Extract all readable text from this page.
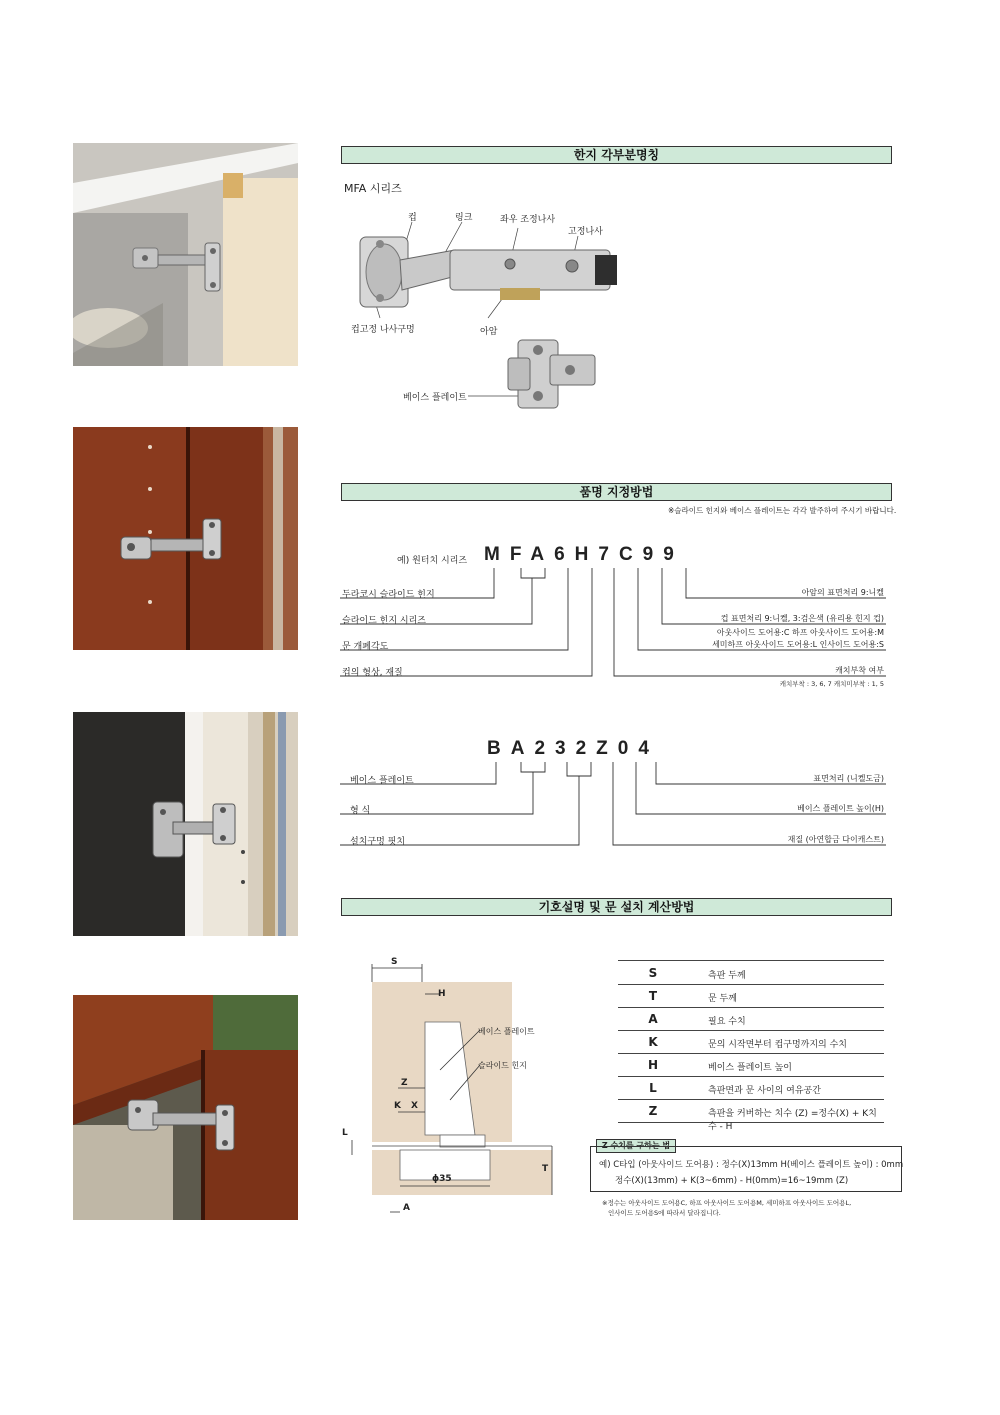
한지 각부분명칭
MFA 시리즈
컵	링크	좌우 조정나사
고정나사
컵고정 나사구멍	아암
베이스 플레이트
품명 지정방법
※슬라이드 힌지와 베이스 플레이트는 각각 발주하여 주시기 바랍니다.
예) 원터치 시리즈 MFA6H7C99
두라코시 슬라이드 힌지
슬라이드 힌지 시리즈
문 개폐각도
컵의 형상, 재질
아암의 표면처리 9:니켈
컵 표면처리 9:니켈, 3:검은색 (유리용 힌지 컵)
아웃사이드 도어용:C 하프 아웃사이드 도어용:M
세미하프 아웃사이드 도어용:L 인사이드 도어용:S
캐치부착 여부
캐치부착 : 3, 6, 7 캐치미부착 : 1, 5
BA232Z04
베이스 플레이트
형 식
설치구멍 핏치
표면처리 (니켈도금)
베이스 플레이트 높이(H)
재질 (아연합금 다이캐스트)
기호설명 및 문 설치 계산방법
S
H
Z
K X
L
T
ϕ35
A
베이스 플레이트
슬라이드 힌지
S	측판 두께
T	문 두께
A	필요 수치
K	문의 시작면부터 컵구멍까지의 수치
H	베이스 플레이트 높이
L	측판면과 문 사이의 여유공간
Z	측판을 커버하는 치수 (Z) =정수(X) + K치수 - H
Z 수치를 구하는 법
예) C타입 (아웃사이드 도어용) : 정수(X)13mm H(베이스 플레이트 높이) : 0mm
정수(X)(13mm) + K(3~6mm) - H(0mm)=16~19mm (Z)
※정수는 아웃사이드 도어용C, 하프 아웃사이드 도어용M, 세미하프 아웃사이드 도어용L,
인사이드 도어용S에 따라서 달라집니다.
